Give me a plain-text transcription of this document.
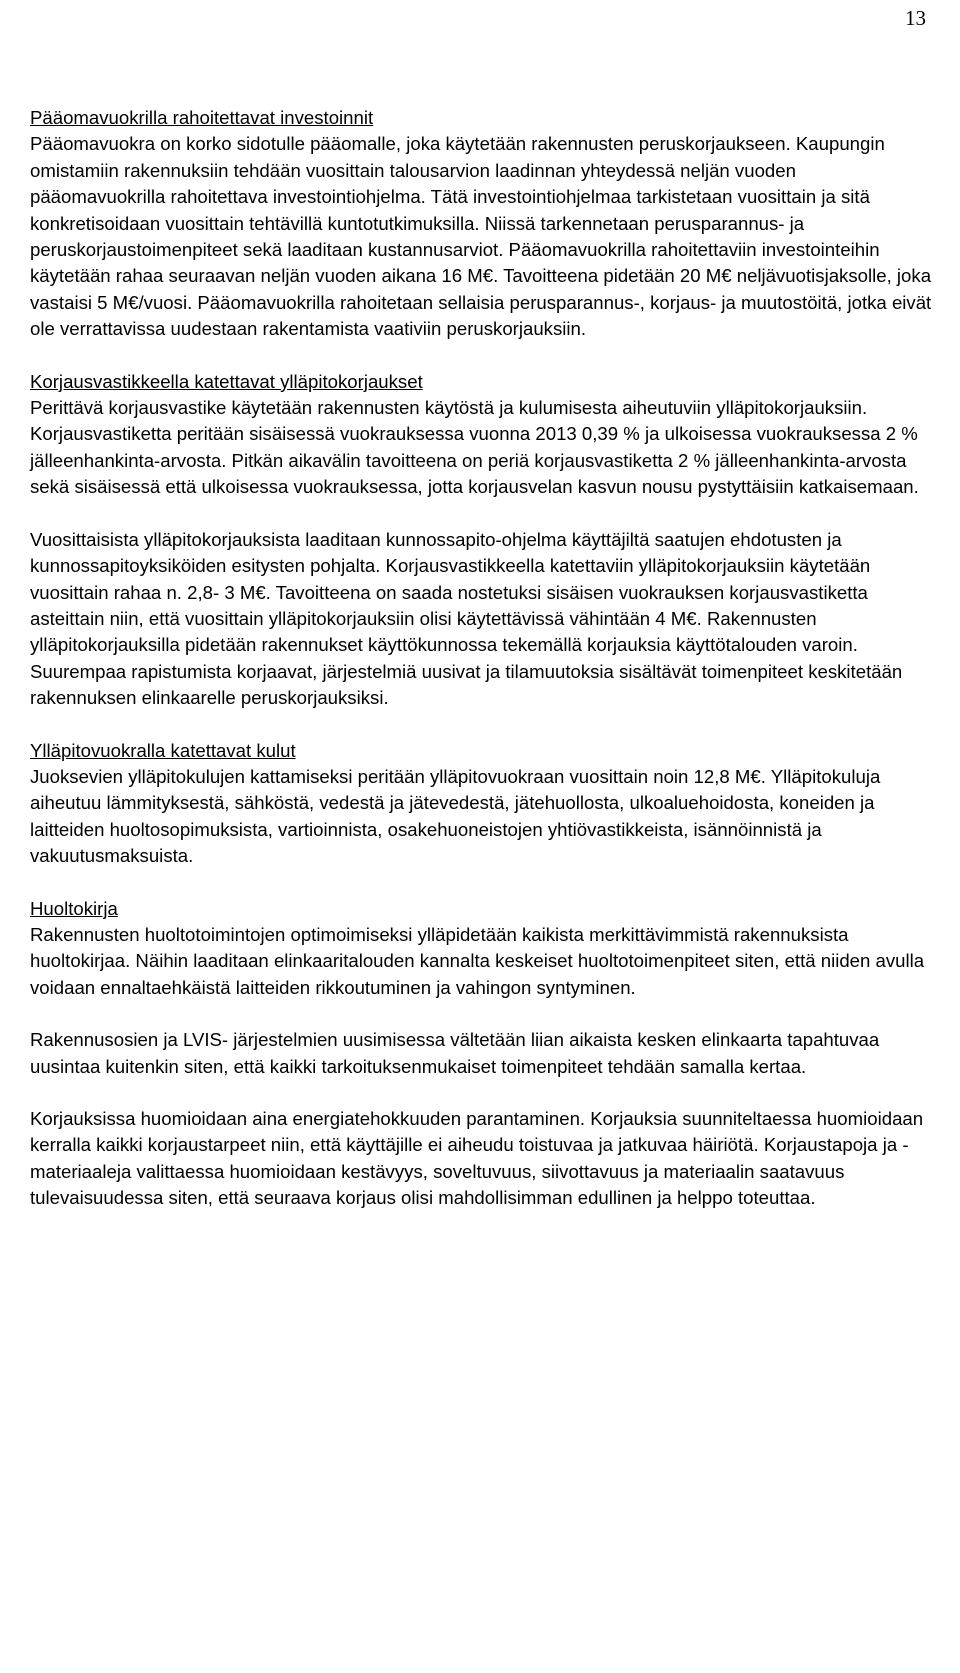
13
Pääomavuokrilla rahoitettavat investoinnit

Pääomavuokra on korko sidotulle pääomalle, joka käytetään rakennusten peruskorjaukseen. Kaupungin omistamiin rakennuksiin tehdään vuosittain talousarvion laadinnan yhteydessä neljän vuoden pääomavuokrilla rahoitettava investointiohjelma. Tätä investointiohjelmaa tarkistetaan vuosittain ja sitä konkretisoidaan vuosittain tehtävillä kuntotutkimuksilla. Niissä tarkennetaan perusparannus- ja peruskorjaustoimenpiteet sekä laaditaan kustannusarviot. Pääomavuokrilla rahoitettaviin investointeihin käytetään rahaa seuraavan neljän vuoden aikana 16 M€. Tavoitteena pidetään 20 M€ neljävuotisjaksolle, joka vastaisi 5 M€/vuosi. Pääomavuokrilla rahoitetaan sellaisia perusparannus-, korjaus- ja muutostöitä, jotka eivät ole verrattavissa uudestaan rakentamista vaativiin peruskorjauksiin.

Korjausvastikkeella katettavat ylläpitokorjaukset

Perittävä korjausvastike käytetään rakennusten käytöstä ja kulumisesta aiheutuviin ylläpitokorjauksiin. Korjausvastiketta peritään sisäisessä vuokrauksessa vuonna 2013 0,39 % ja ulkoisessa vuokrauksessa 2 % jälleenhankinta-arvosta. Pitkän aikavälin tavoitteena on periä korjausvastiketta 2 % jälleenhankinta-arvosta sekä sisäisessä että ulkoisessa vuokrauksessa, jotta korjausvelan kasvun nousu pystyttäisiin katkaisemaan.

Vuosittaisista ylläpitokorjauksista laaditaan kunnossapito-ohjelma käyttäjiltä saatujen ehdotusten ja kunnossapitoyksiköiden esitysten pohjalta. Korjausvastikkeella katettaviin ylläpitokorjauksiin käytetään vuosittain rahaa n. 2,8- 3 M€. Tavoitteena on saada nostetuksi sisäisen vuokrauksen korjausvastiketta asteittain niin, että vuosittain ylläpitokorjauksiin olisi käytettävissä vähintään 4 M€. Rakennusten ylläpitokorjauksilla pidetään rakennukset käyttökunnossa tekemällä korjauksia käyttötalouden varoin. Suurempaa rapistumista korjaavat, järjestelmiä uusivat ja tilamuutoksia sisältävät toimenpiteet keskitetään rakennuksen elinkaarelle peruskorjauksiksi.

Ylläpitovuokralla katettavat kulut

Juoksevien ylläpitokulujen kattamiseksi peritään ylläpitovuokraan vuosittain noin 12,8 M€. Ylläpitokuluja aiheutuu lämmityksestä, sähköstä, vedestä ja jätevedestä, jätehuollosta, ulkoaluehoidosta, koneiden ja laitteiden huoltosopimuksista, vartioinnista, osakehuoneistojen yhtiövastikkeista, isännöinnistä ja vakuutusmaksuista.

Huoltokirja

Rakennusten huoltotoimintojen optimoimiseksi ylläpidetään kaikista merkittävimmistä rakennuksista huoltokirjaa. Näihin laaditaan elinkaaritalouden kannalta keskeiset huoltotoimenpiteet siten, että niiden avulla voidaan ennaltaehkäistä laitteiden rikkoutuminen ja vahingon syntyminen.

Rakennusosien ja LVIS- järjestelmien uusimisessa vältetään liian aikaista kesken elinkaarta tapahtuvaa uusintaa kuitenkin siten, että kaikki tarkoituksenmukaiset toimenpiteet tehdään samalla kertaa.

Korjauksissa huomioidaan aina energiatehokkuuden parantaminen. Korjauksia suunniteltaessa huomioidaan kerralla kaikki korjaustarpeet niin, että käyttäjille ei aiheudu toistuvaa ja jatkuvaa häiriötä. Korjaustapoja ja -materiaaleja valittaessa huomioidaan kestävyys, soveltuvuus, siivottavuus ja materiaalin saatavuus tulevaisuudessa siten, että seuraava korjaus olisi mahdollisimman edullinen ja helppo toteuttaa.
